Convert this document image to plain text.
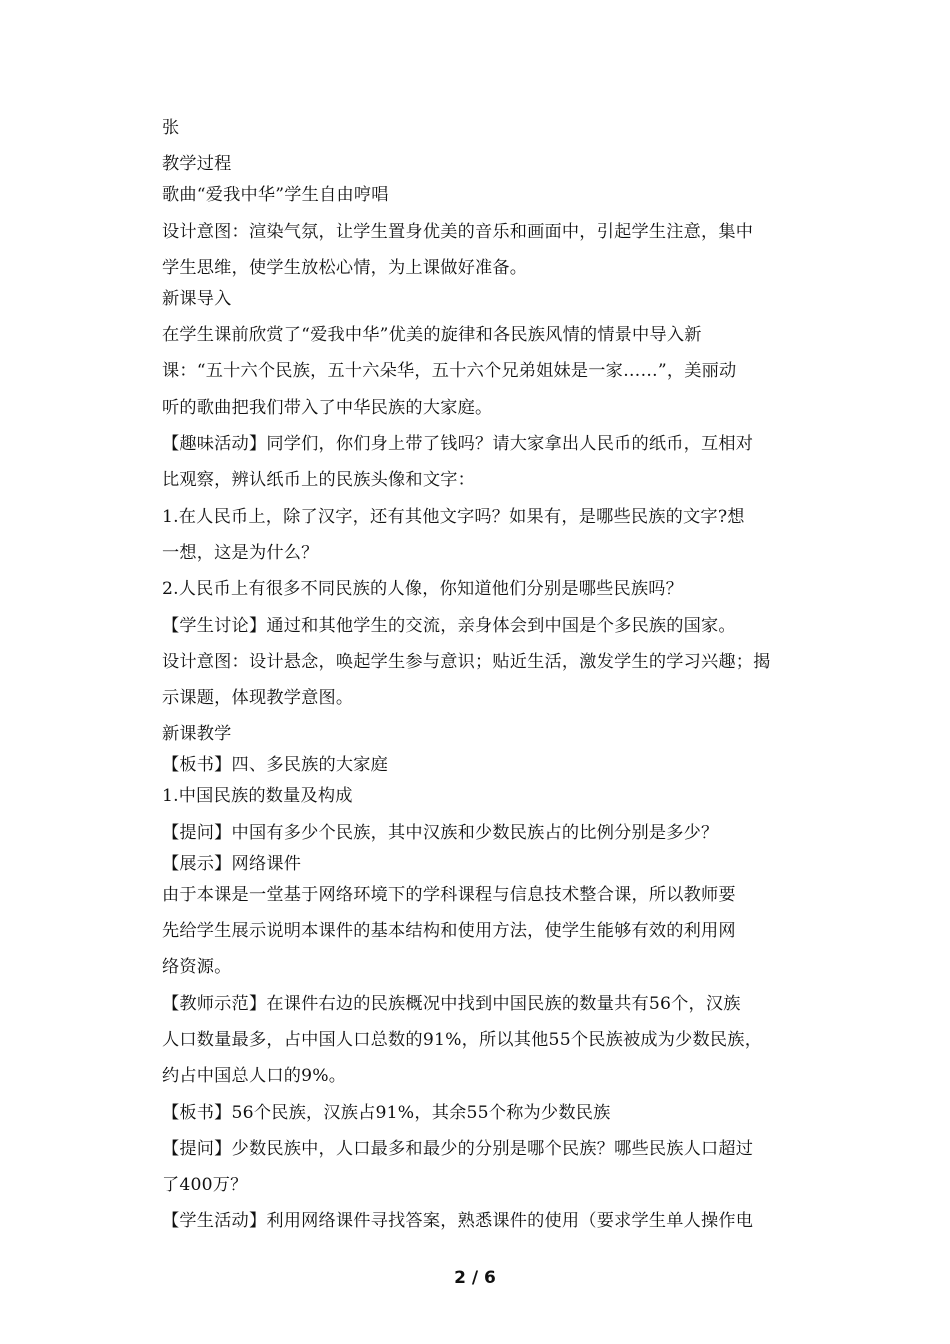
张
教学过程
歌曲“爱我中华”学生自由哼唱
设计意图：渲染气氛，让学生置身优美的音乐和画面中，引起学生注意，集中
学生思维，使学生放松心情，为上课做好准备。
新课导入
在学生课前欣赏了“爱我中华”优美的旋律和各民族风情的情景中导入新
课：“五十六个民族，五十六朵华，五十六个兄弟姐妹是一家……”，美丽动
听的歌曲把我们带入了中华民族的大家庭。
【趣味活动】同学们，你们身上带了钱吗？请大家拿出人民币的纸币，互相对
比观察，辨认纸币上的民族头像和文字：
1.在人民币上，除了汉字，还有其他文字吗？如果有，是哪些民族的文字?想
一想，这是为什么？
2.人民币上有很多不同民族的人像，你知道他们分别是哪些民族吗？
【学生讨论】通过和其他学生的交流，亲身体会到中国是个多民族的国家。
设计意图：设计悬念，唤起学生参与意识；贴近生活，激发学生的学习兴趣；揭
示课题，体现教学意图。
新课教学
【板书】四、多民族的大家庭
1.中国民族的数量及构成
【提问】中国有多少个民族，其中汉族和少数民族占的比例分别是多少？
【展示】网络课件
由于本课是一堂基于网络环境下的学科课程与信息技术整合课，所以教师要
先给学生展示说明本课件的基本结构和使用方法，使学生能够有效的利用网
络资源。
【教师示范】在课件右边的民族概况中找到中国民族的数量共有56个，汉族
人口数量最多，占中国人口总数的91%，所以其他55个民族被成为少数民族，
约占中国总人口的9%。
【板书】56个民族，汉族占91%，其余55个称为少数民族
【提问】少数民族中，人口最多和最少的分别是哪个民族？哪些民族人口超过
了400万？
【学生活动】利用网络课件寻找答案，熟悉课件的使用（要求学生单人操作电
2 / 6
